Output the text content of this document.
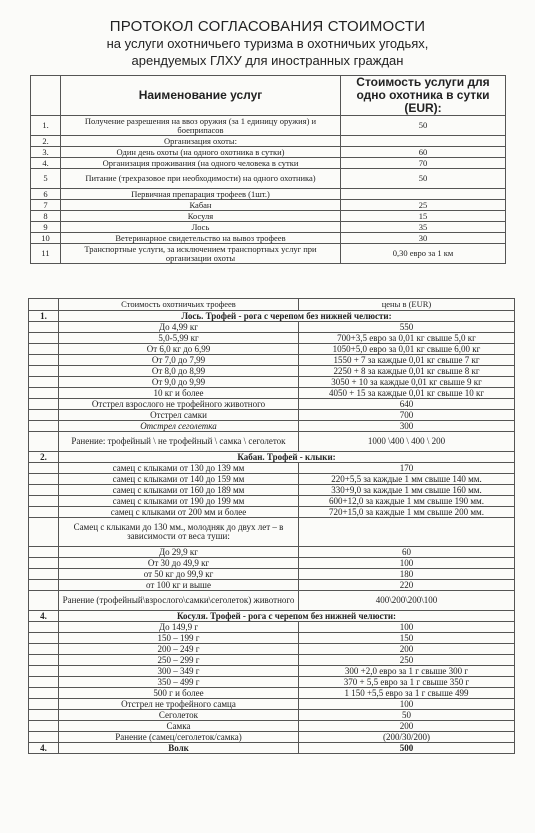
ПРОТОКОЛ СОГЛАСОВАНИЯ СТОИМОСТИ
на услуги охотничьего туризма в охотничьих угодьях,
арендуемых ГЛХУ для иностранных граждан
	Наименование услуг	Стоимость услуги для одно охотника в сутки (EUR):
1.	Получение разрешения на ввоз оружия (за 1 единицу оружия) и боеприпасов	50
2.	Организация охоты:	
3.	Один день охоты (на одного охотника в сутки)	60
4.	Организация проживания (на одного человека в сутки	70
5	Питание (трехразовое при необходимости) на одного охотника)	50
6	Первичная препарация трофеев (1шт.)	
7	Кабан	25
8	Косуля	15
9	Лось	35
10	Ветеринарное свидетельство на вывоз трофеев	30
11	Транспортные услуги, за исключением транспортных услуг при организации охоты	0,30 евро за 1 км
	Стоимость охотничьих трофеев	цены в (EUR)
1.	Лось. Трофей - рога с черепом без нижней челюсти:	
	До 4,99 кг	550
	5,0-5,99 кг	700+3,5 евро за 0,01 кг свыше 5,0 кг
	От 6,0 кг до 6,99	1050+5,0 евро за 0,01 кг свыше 6,00 кг
	От 7,0 до 7,99	1550 + 7 за каждые 0,01 кг свыше 7 кг
	От 8,0 до 8,99	2250 + 8 за каждые 0,01 кг свыше 8 кг
	От 9,0 до 9,99	3050 + 10 за каждые 0,01 кг свыше 9 кг
	10 кг и более	4050 + 15 за каждые 0,01 кг свыше 10 кг
	Отстрел взрослого не трофейного животного	640
	Отстрел самки	700
	Отстрел сеголетка	300
	Ранение: трофейный \ не трофейный \ самка \ сеголеток	1000 \400 \ 400 \ 200
2.	Кабан. Трофей - клыки:	
	самец с клыками от 130 до 139 мм	170
	самец с клыками от 140 до 159 мм	220+5,5 за каждые 1 мм свыше 140 мм.
	самец с клыками от 160 до 189 мм	330+9,0 за каждые 1 мм свыше 160 мм.
	самец с клыками от 190 до 199 мм	600+12,0 за каждые 1 мм свыше 190 мм.
	самец с клыками от 200 мм и более	720+15,0 за каждые 1 мм свыше 200 мм.
	Самец с клыками до 130 мм., молодняк до двух лет – в зависимости от веса туши:	
	До 29,9 кг	60
	От 30 до 49,9 кг	100
	от 50 кг до 99,9 кг	180
	от 100 кг и выше	220
	Ранение (трофейный\взрослого\самки\сеголеток) животного	400\200\200\100
4.	Косуля. Трофей - рога с черепом без нижней челюсти:	
	До 149,9 г	100
	150 – 199 г	150
	200 – 249 г	200
	250 – 299 г	250
	300 – 349 г	300 +2,0 евро за 1 г свыше 300 г
	350 – 499 г	370 + 5,5 евро за 1 г свыше 350 г
	500 г и более	1 150 +5,5 евро за 1 г свыше 499
	Отстрел не трофейного самца	100
	Сеголеток	50
	Самка	200
	Ранение (самец/сеголеток/самка)	(200/30/200)
4.	Волк	500
